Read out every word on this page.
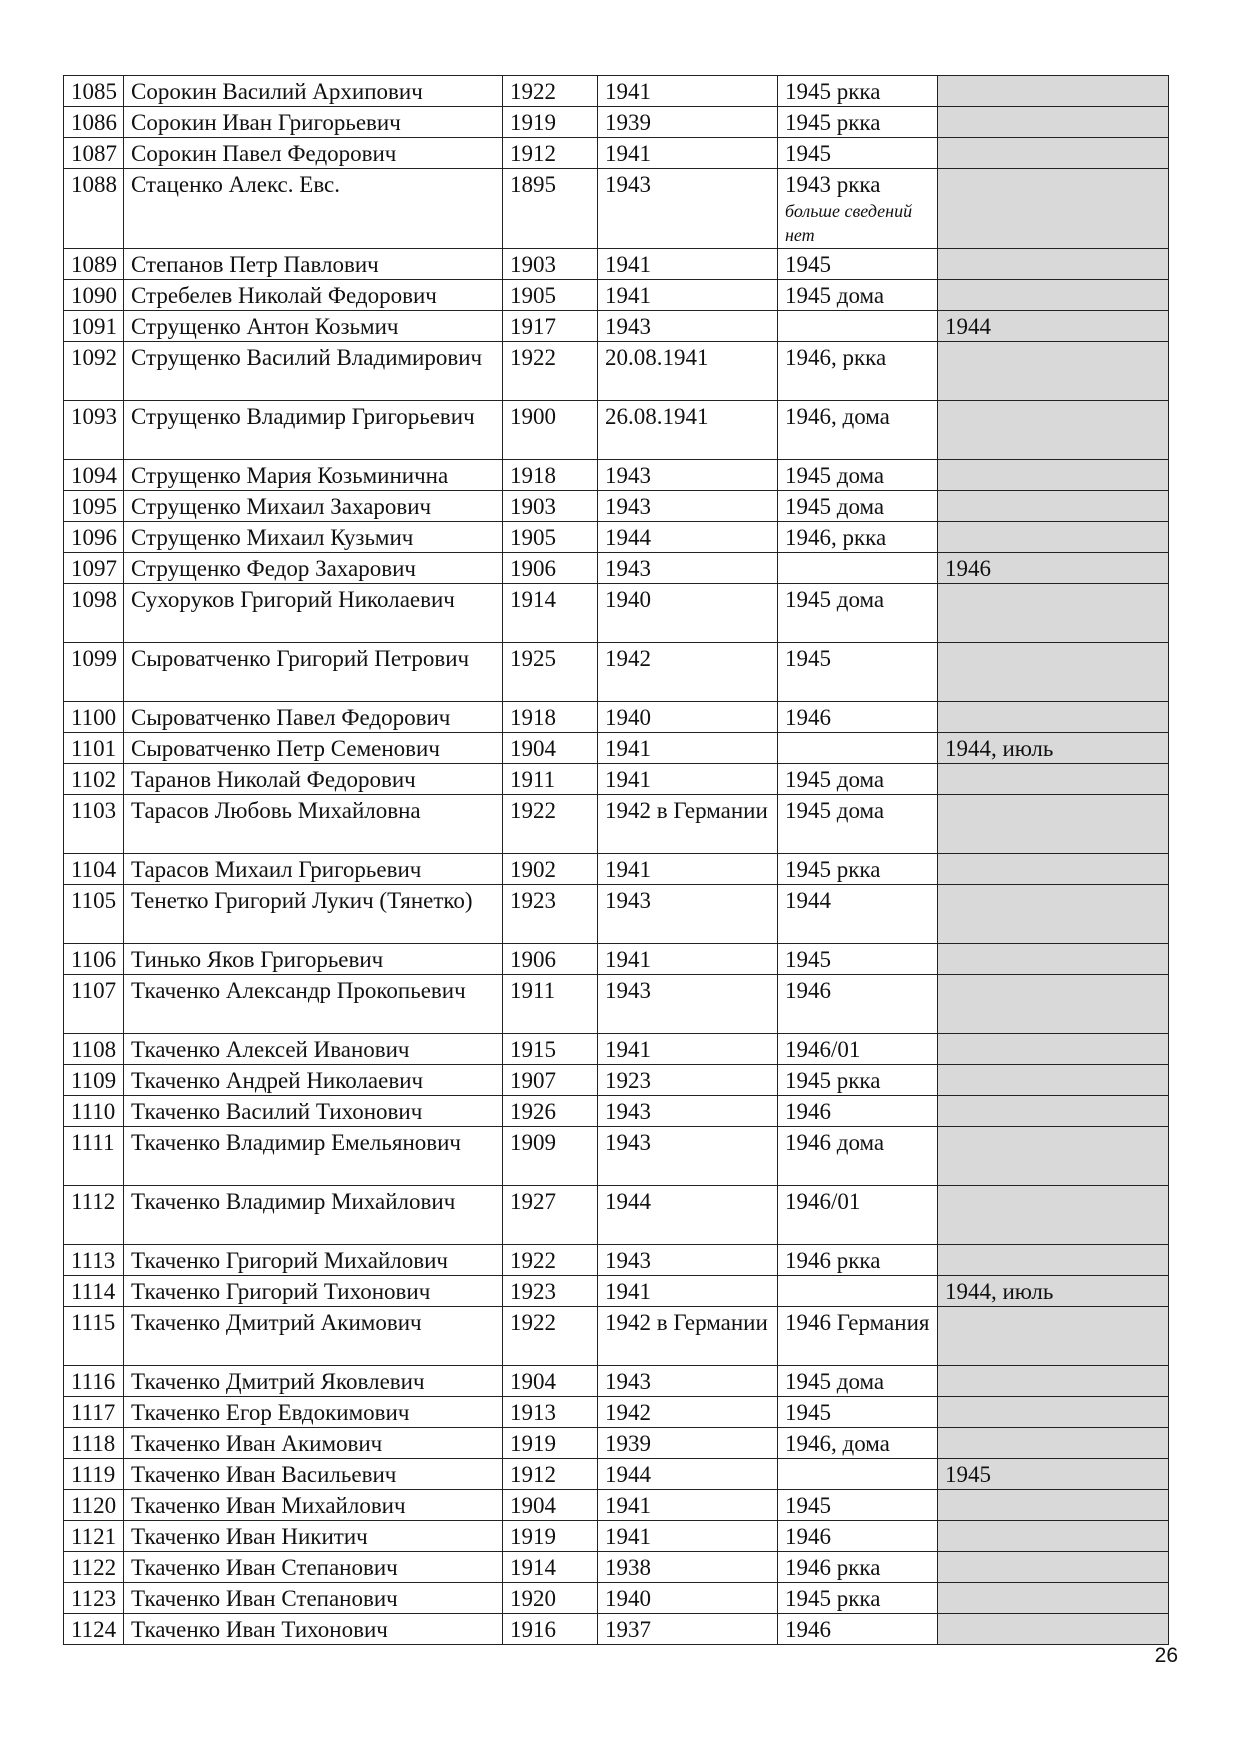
1085	Сорокин Василий Архипович	1922	1941	1945 ркка	
1086	Сорокин Иван Григорьевич	1919	1939	1945 ркка	
1087	Сорокин Павел Федорович	1912	1941	1945	
1088	Стаценко Алекс. Евс.	1895	1943	1943 ркка
больше сведений нет	

1089	Степанов Петр Павлович	1903	1941	1945	
1090	Стребелев Николай Федорович	1905	1941	1945 дома	
1091	Струщенко Антон Козьмич	1917	1943		1944
1092	Струщенко Василий Владимирович	1922	20.08.1941	1946, ркка	
1093	Струщенко Владимир Григорьевич	1900	26.08.1941	1946, дома	
1094	Струщенко Мария Козьминична	1918	1943	1945 дома	
1095	Струщенко Михаил Захарович	1903	1943	1945 дома	
1096	Струщенко Михаил Кузьмич	1905	1944	1946, ркка	
1097	Струщенко Федор Захарович	1906	1943		1946
1098	Сухоруков Григорий Николаевич	1914	1940	1945 дома	
1099	Сыроватченко Григорий Петрович	1925	1942	1945	
1100	Сыроватченко Павел Федорович	1918	1940	1946	
1101	Сыроватченко Петр Семенович	1904	1941		1944, июль
1102	Таранов Николай Федорович	1911	1941	1945 дома	
1103	Тарасов Любовь Михайловна	1922	1942 в Германии	1945 дома	
1104	Тарасов Михаил Григорьевич	1902	1941	1945 ркка	
1105	Тенетко Григорий Лукич (Тянетко)	1923	1943	1944	
1106	Тинько Яков Григорьевич	1906	1941	1945	
1107	Ткаченко Александр Прокопьевич	1911	1943	1946	
1108	Ткаченко Алексей Иванович	1915	1941	1946/01	
1109	Ткаченко Андрей Николаевич	1907	1923	1945 ркка	
1110	Ткаченко Василий Тихонович	1926	1943	1946	
1111	Ткаченко Владимир Емельянович	1909	1943	1946 дома	
1112	Ткаченко Владимир Михайлович	1927	1944	1946/01	
1113	Ткаченко Григорий Михайлович	1922	1943	1946 ркка	
1114	Ткаченко Григорий Тихонович	1923	1941		1944, июль
1115	Ткаченко Дмитрий Акимович	1922	1942 в Германии	1946 Германия	
1116	Ткаченко Дмитрий Яковлевич	1904	1943	1945 дома	
1117	Ткаченко Егор Евдокимович	1913	1942	1945	
1118	Ткаченко Иван Акимович	1919	1939	1946, дома	
1119	Ткаченко Иван Васильевич	1912	1944		1945
1120	Ткаченко Иван Михайлович	1904	1941	1945	
1121	Ткаченко Иван Никитич	1919	1941	1946	
1122	Ткаченко Иван Степанович	1914	1938	1946 ркка	
1123	Ткаченко Иван Степанович	1920	1940	1945 ркка	
1124	Ткаченко Иван Тихонович	1916	1937	1946	
26
